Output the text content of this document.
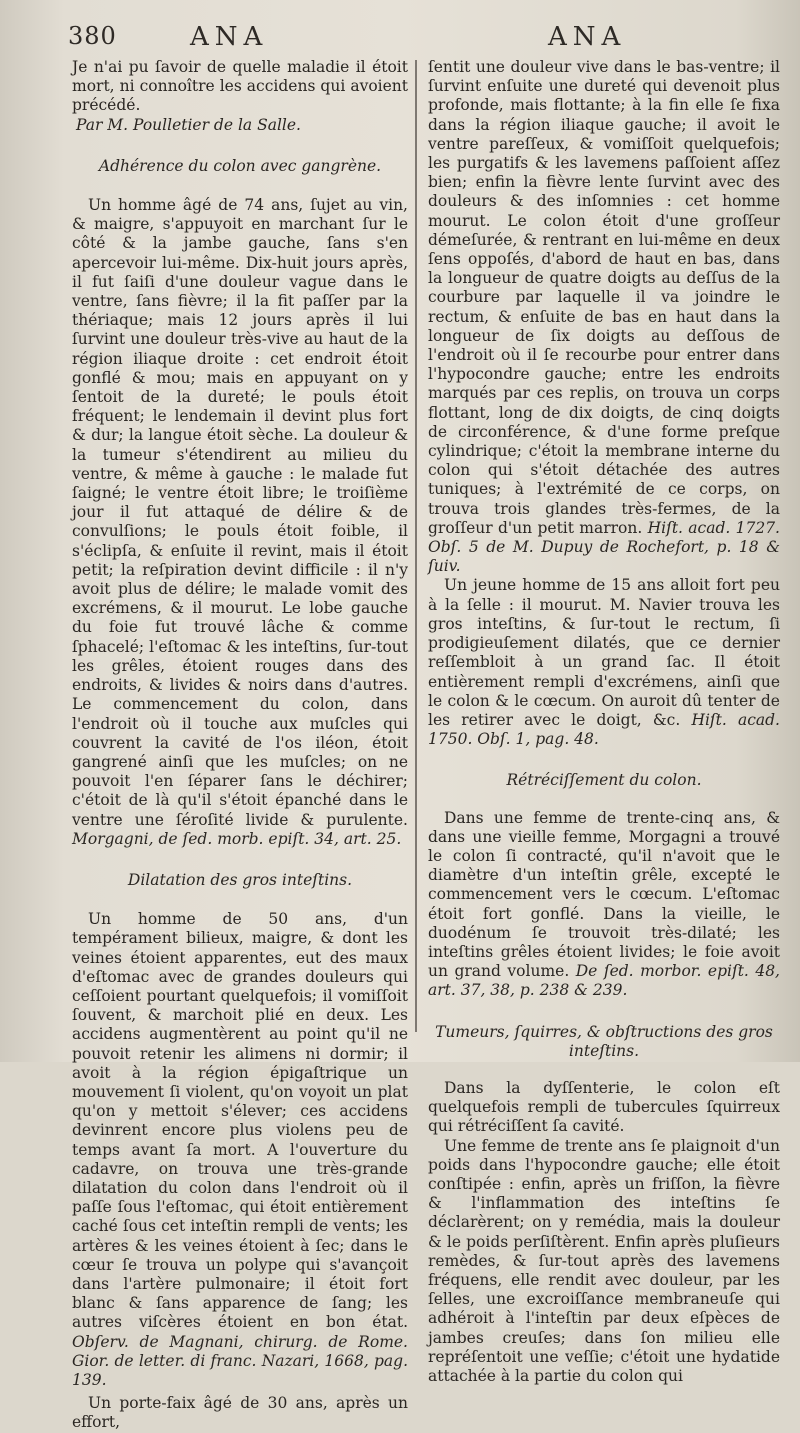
380	ANA	ANA

Je n'ai pu ſavoir de quelle maladie il étoit mort, ni connoître les accidens qui avoient précédé.

Par M. Poulletier de la Salle.

Adhérence du colon avec gangrène.

Un homme âgé de 74 ans, ſujet au vin, & maigre, s'appuyoit en marchant ſur le côté & la jambe gauche, ſans s'en apercevoir lui-même. Dix-huit jours après, il fut ſaiſi d'une douleur vague dans le ventre, ſans fièvre; il la fit paſſer par la thériaque; mais 12 jours après il lui ſurvint une douleur très-vive au haut de la région iliaque droite : cet endroit étoit gonflé & mou; mais en appuyant on y ſentoit de la dureté; le pouls étoit fréquent; le lendemain il devint plus fort & dur; la langue étoit sèche. La douleur & la tumeur s'étendirent au milieu du ventre, & même à gauche : le malade fut ſaigné; le ventre étoit libre; le troiſième jour il fut attaqué de délire & de convulſions; le pouls étoit foible, il s'éclipſa, & enſuite il revint, mais il étoit petit; la reſpiration devint difficile : il n'y avoit plus de délire; le malade vomit des excrémens, & il mourut. Le lobe gauche du foie fut trouvé lâche & comme ſphacelé; l'eſtomac & les inteſtins, ſur-tout les grêles, étoient rouges dans des endroits, & livides & noirs dans d'autres. Le commencement du colon, dans l'endroit où il touche aux muſcles qui couvrent la cavité de l'os iléon, étoit gangrené ainſi que les muſcles; on ne pouvoit l'en ſéparer ſans le déchirer; c'étoit de là qu'il s'étoit épanché dans le ventre une ſéroſité livide & purulente. Morgagni, de ſed. morb. epiſt. 34, art. 25.

Dilatation des gros inteſtins.

Un homme de 50 ans, d'un tempérament bilieux, maigre, & dont les veines étoient apparentes, eut des maux d'eſtomac avec de grandes douleurs qui ceſſoient pourtant quelquefois; il vomiſſoit ſouvent, & marchoit plié en deux. Les accidens augmentèrent au point qu'il ne pouvoit retenir les alimens ni dormir; il avoit à la région épigaſtrique un mouvement ſi violent, qu'on voyoit un plat qu'on y mettoit s'élever; ces accidens devinrent encore plus violens peu de temps avant ſa mort. A l'ouverture du cadavre, on trouva une très-grande dilatation du colon dans l'endroit où il paſſe ſous l'eſtomac, qui étoit entièrement caché ſous cet inteſtin rempli de vents; les artères & les veines étoient à ſec; dans le cœur ſe trouva un polype qui s'avançoit dans l'artère pulmonaire; il étoit fort blanc & ſans apparence de ſang; les autres viſcères étoient en bon état. Obſerv. de Magnani, chirurg. de Rome. Gior. de letter. di franc. Nazari, 1668, pag. 139.

Un porte-faix âgé de 30 ans, après un effort,

ſentit une douleur vive dans le bas-ventre; il ſurvint enſuite une dureté qui devenoit plus profonde, mais flottante; à la fin elle ſe fixa dans la région iliaque gauche; il avoit le ventre pareſſeux, & vomiſſoit quelquefois; les purgatifs & les lavemens paſſoient aſſez bien; enfin la fièvre lente ſurvint avec des douleurs & des inſomnies : cet homme mourut. Le colon étoit d'une groſſeur démeſurée, & rentrant en lui-même en deux ſens oppoſés, d'abord de haut en bas, dans la longueur de quatre doigts au deſſus de la courbure par laquelle il va joindre le rectum, & enſuite de bas en haut dans la longueur de ſix doigts au deſſous de l'endroit où il ſe recourbe pour entrer dans l'hypocondre gauche; entre les endroits marqués par ces replis, on trouva un corps flottant, long de dix doigts, de cinq doigts de circonférence, & d'une forme preſque cylindrique; c'étoit la membrane interne du colon qui s'étoit détachée des autres tuniques; à l'extrémité de ce corps, on trouva trois glandes très-fermes, de la groſſeur d'un petit marron. Hiſt. acad. 1727. Obſ. 5 de M. Dupuy de Rochefort, p. 18 & ſuiv.

Un jeune homme de 15 ans alloit fort peu à la ſelle : il mourut. M. Navier trouva les gros inteſtins, & ſur-tout le rectum, ſi prodigieuſement dilatés, que ce dernier reſſembloit à un grand ſac. Il étoit entièrement rempli d'excrémens, ainſi que le colon & le cœcum. On auroit dû tenter de les retirer avec le doigt, &c. Hiſt. acad. 1750. Obſ. 1, pag. 48.

Rétréciſſement du colon.

Dans une femme de trente-cinq ans, & dans une vieille femme, Morgagni a trouvé le colon ſi contracté, qu'il n'avoit que le diamètre d'un inteſtin grêle, excepté le commencement vers le cœcum. L'eſtomac étoit fort gonflé. Dans la vieille, le duodénum ſe trouvoit très-dilaté; les inteſtins grêles étoient livides; le foie avoit un grand volume. De ſed. morbor. epiſt. 48, art. 37, 38, p. 238 & 239.

Tumeurs, ſquirres, & obſtructions des gros inteſtins.

Dans la dyſſenterie, le colon eſt quelquefois rempli de tubercules ſquirreux qui rétréciſſent ſa cavité.

Une femme de trente ans ſe plaignoit d'un poids dans l'hypocondre gauche; elle étoit conſtipée : enfin, après un friſſon, la fièvre & l'inflammation des inteſtins ſe déclarèrent; on y remédia, mais la douleur & le poids perſiſtèrent. Enfin après pluſieurs remèdes, & ſur-tout après des lavemens fréquens, elle rendit avec douleur, par les ſelles, une excroiſſance membraneuſe qui adhéroit à l'inteſtin par deux eſpèces de jambes creuſes; dans ſon milieu elle repréſentoit une veſſie; c'étoit une hydatide attachée à la partie du colon qui
